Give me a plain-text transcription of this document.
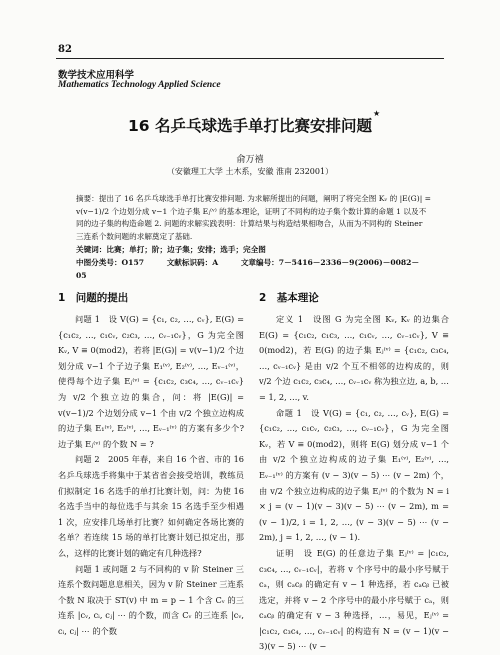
82
数学技术应用科学
Mathematics Technology Applied Science
16 名乒乓球选手单打比赛安排问题
★
俞万禧
（安徽理工大学 土木系，安徽 淮南 232001）
摘要：提出了 16 名乒乓球选手单打比赛安排问题. 为求解所提出的问题，阐明了将完全图 Kᵥ 的 |E(G)| = v(v−1)/2 个边划分成 v−1 个边子集 Eⱼ⁽ᵛ⁾ 的基本理论，证明了不同构的边子集个数计算的命题 1 以及不同的边子集的构造命题 2. 问题的求解实践表明：计算结果与构造结果相吻合，从而为不同构的 Steiner 三连系个数问题的求解奠定了基础.
关键词：比赛；单打；阶；边子集；安排；选手；完全图
中图分类号：O157	文献标识码：A	文章编号：7－5416－2336－9(2006)－0082－05
1　问题的提出	2　基本理论

问题 1　设 V(G) = {c₁, c₂, …, cᵥ}, E(G) = {c₁c₂, …, c₁cᵥ, c₂c₃, …, cᵥ₋₁cᵥ}，G 为完全图 Kᵥ, V ≡ 0(mod2)，若将 |E(G)| = v(v−1)/2 个边划分成 v−1 个子边子集 E₁⁽ᵛ⁾, E₂⁽ᵛ⁾, …, Eᵥ₋₁⁽ᵛ⁾，使得每个边子集 Eⱼ⁽ᵛ⁾ = {c₁c₂, c₃c₄, …, cᵥ₋₁cᵥ} 为 v/2 个独立边的集合，问：将 |E(G)| = v(v−1)/2 个边划分成 v−1 个由 v/2 个独立边构成的边子集 E₁⁽ᵛ⁾, E₂⁽ᵛ⁾, …, Eᵥ₋₁⁽ᵛ⁾ 的方案有多少个?边子集 Eⱼ⁽ᵛ⁾ 的个数 N = ?

问题 2　2005 年春，来自 16 个省、市的 16 名乒乓球选手将集中于某省省会接受培训，教练员们拟制定 16 名选手的单打比赛计划，问：为使 16 名选手当中的每位选手与其余 15 名选手至少相遇 1 次，应安排几场单打比赛？如何确定各场比赛的名单？若连续 15 场的单打比赛计划已拟定出，那么，这样的比赛计划的确定有几种选择?

问题 1 或问题 2 与不同构的 v 阶 Steiner 三连系个数问题息息相关，因为 v 阶 Steiner 三连系个数 N 取决于 ST(v) 中 m = p − 1 个含 Cᵥ 的三连系 |cᵥ, cᵢ, cⱼ| ⋯ 的个数，而含 Cᵥ 的三连系 |cᵥ, cᵢ, cⱼ| ⋯ 的个数

定义 1　设图 G 为完全图 Kᵥ, Kᵥ 的边集合 E(G) = {c₁c₂, c₁c₃, …, c₁cᵥ, …, cᵥ₋₁cᵥ}, V ≡ 0(mod2)，若 E(G) 的边子集 Eⱼ⁽ᵛ⁾ = {c₁c₂, c₃c₄, …, cᵥ₋₁cᵥ} 是由 v/2 个互不相邻的边构成的，则 v/2 个边 c₁c₂, c₃c₄, …, cᵥ₋₁cᵥ 称为独立边, a, b, … = 1, 2, …, v.

命题 1　设 V(G) = {c₁, c₂, …, cᵥ}, E(G) = {c₁c₂, …, c₁cᵥ, c₂c₃, …, cᵥ₋₁cᵥ}，G 为完全图 Kᵥ，若 V ≡ 0(mod2)，则将 E(G) 划分成 v−1 个由 v/2 个独立边构成的边子集 E₁⁽ᵛ⁾, E₂⁽ᵛ⁾, …, Eᵥ₋₁⁽ᵛ⁾ 的方案有 (v − 3)(v − 5) ⋯ (v − 2m) 个，由 v/2 个独立边构成的边子集 Eⱼ⁽ᵛ⁾ 的个数为 N = i × j = (v − 1)(v − 3)(v − 5) ⋯ (v − 2m), m = (v − 1)/2, i = 1, 2, …, (v − 3)(v − 5) ⋯ (v − 2m), j = 1, 2, …, (v − 1).

证明　设 E(G) 的任意边子集 Eⱼ⁽ᵛ⁾ = |c₁c₂, c₃c₄, …, cᵥ₋₁cᵥ|，若将 v 个序号中的最小序号赋于 cₐ，则 cₐcᵦ 的确定有 v − 1 种选择，若 cₐcᵦ 已被选定，并将 v − 2 个序号中的最小序号赋于 cₐ，则 cₐcᵦ 的确定有 v − 3 种选择，…，易见，Eⱼ⁽ᵛ⁾ = |c₁c₂, c₃c₄, …, cᵥ₋₁cᵥ| 的构造有 N = (v − 1)(v − 3)(v − 5) ⋯ (v −
